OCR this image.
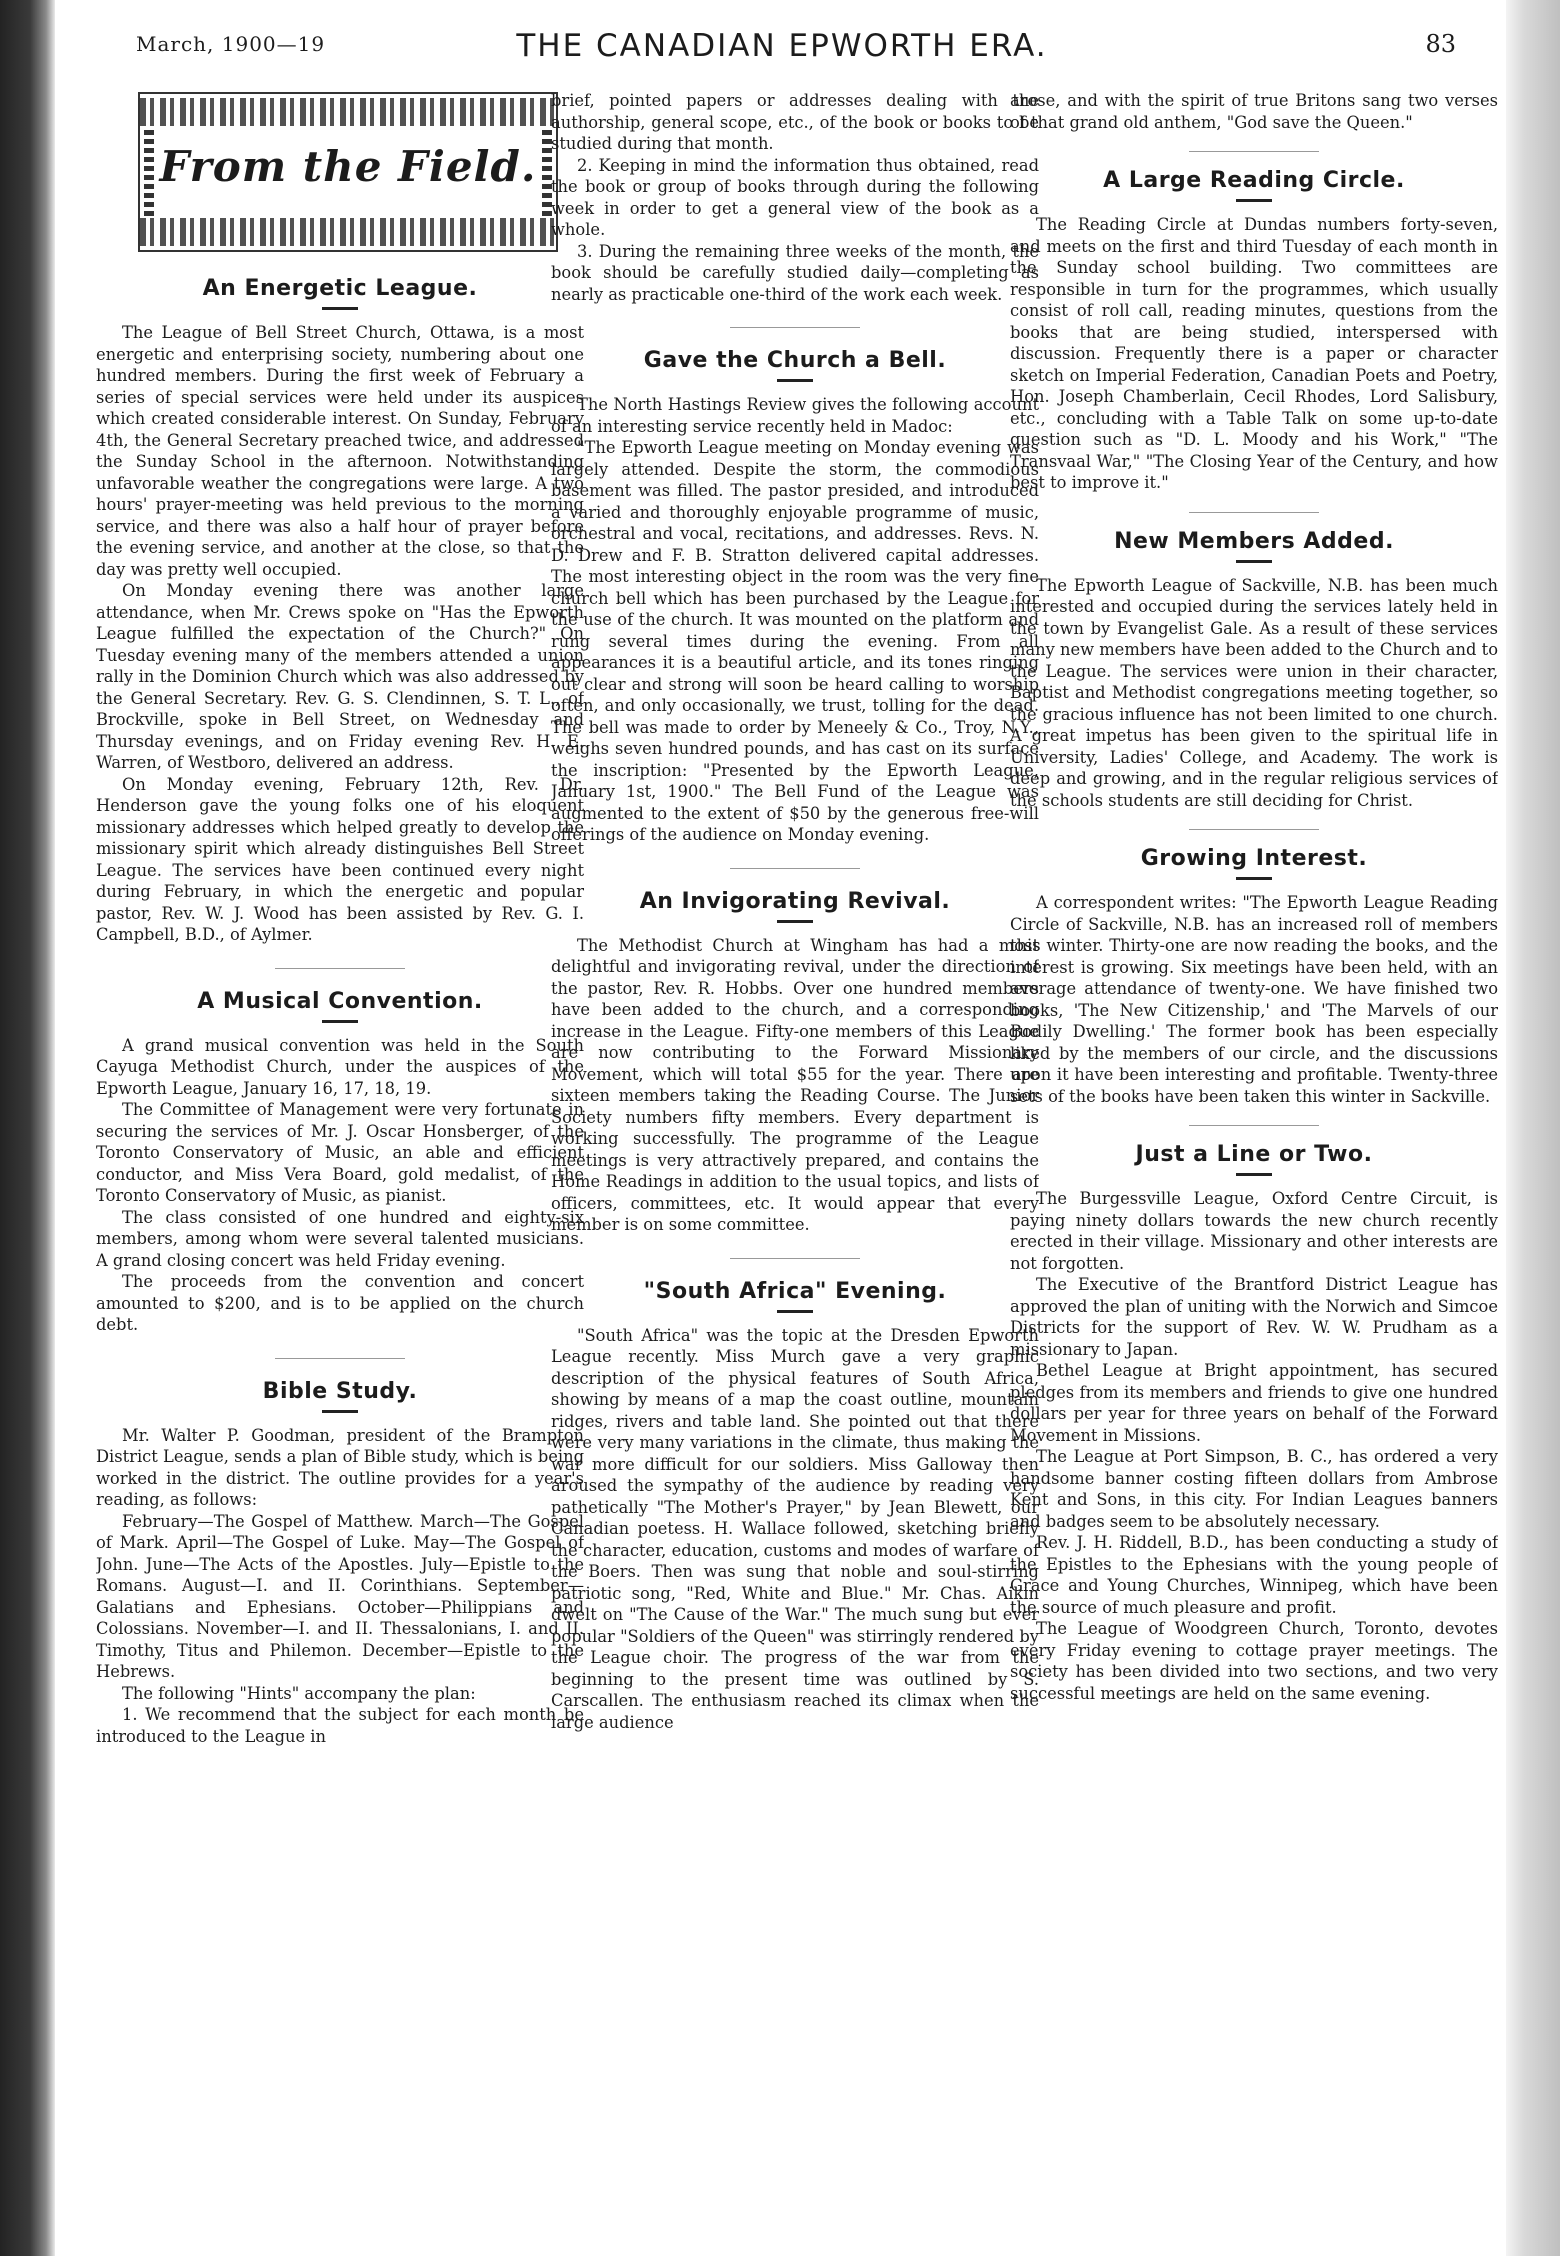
March, 1900—19	THE CANADIAN EPWORTH ERA.	83
From the Field.
An Energetic League.

The League of Bell Street Church, Ottawa, is a most energetic and enterprising society, numbering about one hundred members. During the first week of February a series of special services were held under its auspices which created considerable interest. On Sunday, February 4th, the General Secretary preached twice, and addressed the Sunday School in the afternoon. Notwithstanding unfavorable weather the congregations were large. A two hours' prayer-meeting was held previous to the morning service, and there was also a half hour of prayer before the evening service, and another at the close, so that the day was pretty well occupied.

On Monday evening there was another large attendance, when Mr. Crews spoke on "Has the Epworth League fulfilled the expectation of the Church?" On Tuesday evening many of the members attended a union rally in the Dominion Church which was also addressed by the General Secretary. Rev. G. S. Clendinnen, S. T. L., of Brockville, spoke in Bell Street, on Wednesday and Thursday evenings, and on Friday evening Rev. H. E. Warren, of Westboro, delivered an address.

On Monday evening, February 12th, Rev. Dr. Henderson gave the young folks one of his eloquent missionary addresses which helped greatly to develop the missionary spirit which already distinguishes Bell Street League. The services have been continued every night during February, in which the energetic and popular pastor, Rev. W. J. Wood has been assisted by Rev. G. I. Campbell, B.D., of Aylmer.

A Musical Convention.

A grand musical convention was held in the South Cayuga Methodist Church, under the auspices of the Epworth League, January 16, 17, 18, 19.

The Committee of Management were very fortunate in securing the services of Mr. J. Oscar Honsberger, of the Toronto Conservatory of Music, an able and efficient conductor, and Miss Vera Board, gold medalist, of the Toronto Conservatory of Music, as pianist.

The class consisted of one hundred and eighty-six members, among whom were several talented musicians. A grand closing concert was held Friday evening.

The proceeds from the convention and concert amounted to $200, and is to be applied on the church debt.

Bible Study.

Mr. Walter P. Goodman, president of the Brampton District League, sends a plan of Bible study, which is being worked in the district. The outline provides for a year's reading, as follows:

February—The Gospel of Matthew. March—The Gospel of Mark. April—The Gospel of Luke. May—The Gospel of John. June—The Acts of the Apostles. July—Epistle to the Romans. August—I. and II. Corinthians. September—Galatians and Ephesians. October—Philippians and Colossians. November—I. and II. Thessalonians, I. and II. Timothy, Titus and Philemon. December—Epistle to the Hebrews.

The following "Hints" accompany the plan:

1. We recommend that the subject for each month be introduced to the League in

brief, pointed papers or addresses dealing with the authorship, general scope, etc., of the book or books to be studied during that month.

2. Keeping in mind the information thus obtained, read the book or group of books through during the following week in order to get a general view of the book as a whole.

3. During the remaining three weeks of the month, the book should be carefully studied daily—completing as nearly as practicable one-third of the work each week.

Gave the Church a Bell.

The North Hastings Review gives the following account of an interesting service recently held in Madoc:

"The Epworth League meeting on Monday evening was largely attended. Despite the storm, the commodious basement was filled. The pastor presided, and introduced a varied and thoroughly enjoyable programme of music, orchestral and vocal, recitations, and addresses. Revs. N. D. Drew and F. B. Stratton delivered capital addresses. The most interesting object in the room was the very fine church bell which has been purchased by the League for the use of the church. It was mounted on the platform and rung several times during the evening. From all appearances it is a beautiful article, and its tones ringing out clear and strong will soon be heard calling to worship often, and only occasionally, we trust, tolling for the dead. The bell was made to order by Meneely & Co., Troy, N.Y., weighs seven hundred pounds, and has cast on its surface the inscription: "Presented by the Epworth League, January 1st, 1900." The Bell Fund of the League was augmented to the extent of $50 by the generous free-will offerings of the audience on Monday evening.

An Invigorating Revival.

The Methodist Church at Wingham has had a most delightful and invigorating revival, under the direction of the pastor, Rev. R. Hobbs. Over one hundred members have been added to the church, and a corresponding increase in the League. Fifty-one members of this League are now contributing to the Forward Missionary Movement, which will total $55 for the year. There are sixteen members taking the Reading Course. The Junior Society numbers fifty members. Every department is working successfully. The programme of the League meetings is very attractively prepared, and contains the Home Readings in addition to the usual topics, and lists of officers, committees, etc. It would appear that every member is on some committee.

"South Africa" Evening.

"South Africa" was the topic at the Dresden Epworth League recently. Miss Murch gave a very graphic description of the physical features of South Africa, showing by means of a map the coast outline, mountain ridges, rivers and table land. She pointed out that there were very many variations in the climate, thus making the war more difficult for our soldiers. Miss Galloway then aroused the sympathy of the audience by reading very pathetically "The Mother's Prayer," by Jean Blewett, our Canadian poetess. H. Wallace followed, sketching briefly the character, education, customs and modes of warfare of the Boers. Then was sung that noble and soul-stirring patriotic song, "Red, White and Blue." Mr. Chas. Aikin dwelt on "The Cause of the War." The much sung but ever popular "Soldiers of the Queen" was stirringly rendered by the League choir. The progress of the war from the beginning to the present time was outlined by S. Carscallen. The enthusiasm reached its climax when the large audience

arose, and with the spirit of true Britons sang two verses of that grand old anthem, "God save the Queen."

A Large Reading Circle.

The Reading Circle at Dundas numbers forty-seven, and meets on the first and third Tuesday of each month in the Sunday school building. Two committees are responsible in turn for the programmes, which usually consist of roll call, reading minutes, questions from the books that are being studied, interspersed with discussion. Frequently there is a paper or character sketch on Imperial Federation, Canadian Poets and Poetry, Hon. Joseph Chamberlain, Cecil Rhodes, Lord Salisbury, etc., concluding with a Table Talk on some up-to-date question such as "D. L. Moody and his Work," "The Transvaal War," "The Closing Year of the Century, and how best to improve it."

New Members Added.

The Epworth League of Sackville, N.B. has been much interested and occupied during the services lately held in the town by Evangelist Gale. As a result of these services many new members have been added to the Church and to the League. The services were union in their character, Baptist and Methodist congregations meeting together, so the gracious influence has not been limited to one church. A great impetus has been given to the spiritual life in University, Ladies' College, and Academy. The work is deep and growing, and in the regular religious services of the schools students are still deciding for Christ.

Growing Interest.

A correspondent writes: "The Epworth League Reading Circle of Sackville, N.B. has an increased roll of members this winter. Thirty-one are now reading the books, and the interest is growing. Six meetings have been held, with an average attendance of twenty-one. We have finished two books, 'The New Citizenship,' and 'The Marvels of our Bodily Dwelling.' The former book has been especially liked by the members of our circle, and the discussions upon it have been interesting and profitable. Twenty-three sets of the books have been taken this winter in Sackville.

Just a Line or Two.

The Burgessville League, Oxford Centre Circuit, is paying ninety dollars towards the new church recently erected in their village. Missionary and other interests are not forgotten.

The Executive of the Brantford District League has approved the plan of uniting with the Norwich and Simcoe Districts for the support of Rev. W. W. Prudham as a missionary to Japan.

Bethel League at Bright appointment, has secured pledges from its members and friends to give one hundred dollars per year for three years on behalf of the Forward Movement in Missions.

The League at Port Simpson, B. C., has ordered a very handsome banner costing fifteen dollars from Ambrose Kent and Sons, in this city. For Indian Leagues banners and badges seem to be absolutely necessary.

Rev. J. H. Riddell, B.D., has been conducting a study of the Epistles to the Ephesians with the young people of Grace and Young Churches, Winnipeg, which have been the source of much pleasure and profit.

The League of Woodgreen Church, Toronto, devotes every Friday evening to cottage prayer meetings. The society has been divided into two sections, and two very successful meetings are held on the same evening.
